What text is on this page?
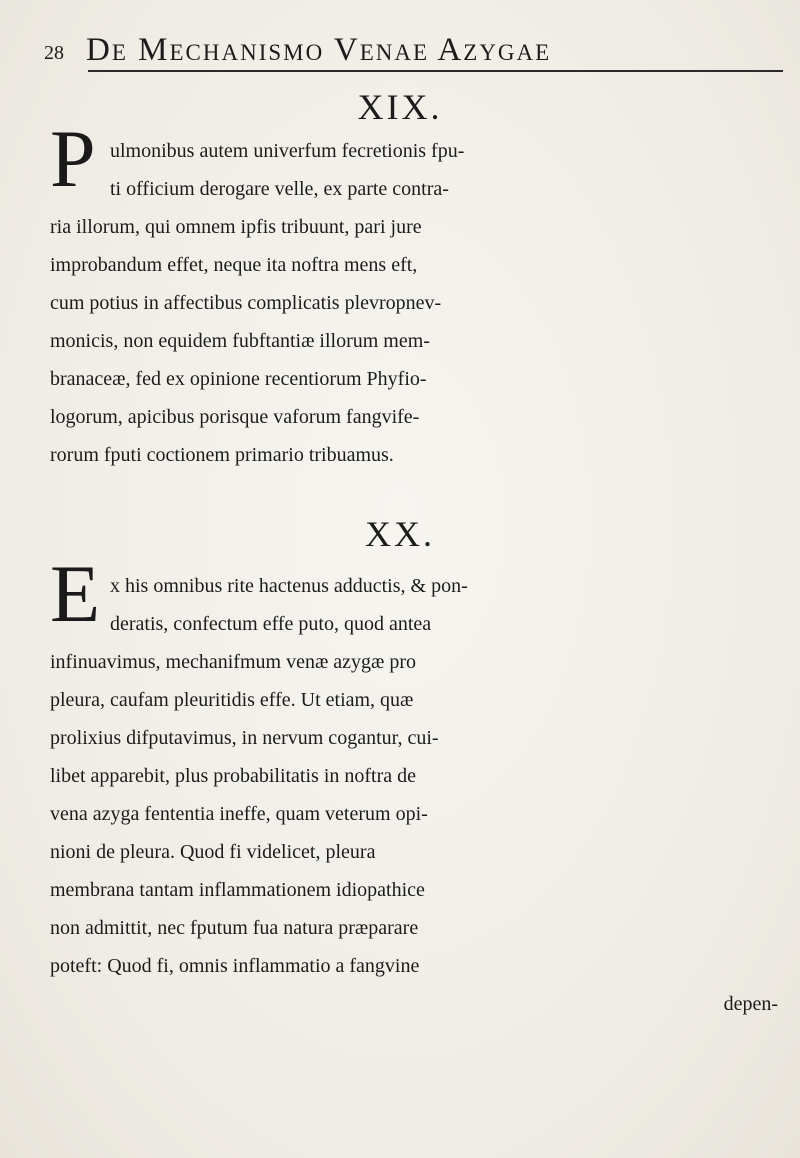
28 De Mechanismo Venae Azygae
XIX.
P ulmonibus autem univerfum fecretionis fpu-
ti officium derogare velle, ex parte contra-
ria illorum, qui omnem ipfis tribuunt, pari jure
improbandum effet, neque ita noftra mens eft,
cum potius in affectibus complicatis plevropnev-
monicis, non equidem fubftantiæ illorum mem-
branaceæ, fed ex opinione recentiorum Phyfio-
logorum, apicibus porisque vaforum fangvife-
rorum fputi coctionem primario tribuamus.
XX.
E x his omnibus rite hactenus adductis, & pon-
deratis, confectum effe puto, quod antea
infinuavimus, mechanifmum venæ azygæ pro
pleura, caufam pleuritidis effe. Ut etiam, quæ
prolixius difputavimus, in nervum cogantur, cui-
libet apparebit, plus probabilitatis in noftra de
vena azyga fententia ineffe, quam veterum opi-
nioni de pleura. Quod fi videlicet, pleura
membrana tantam inflammationem idiopathice
non admittit, nec fputum fua natura præparare
poteft: Quod fi, omnis inflammatio a fangvine
depen-
